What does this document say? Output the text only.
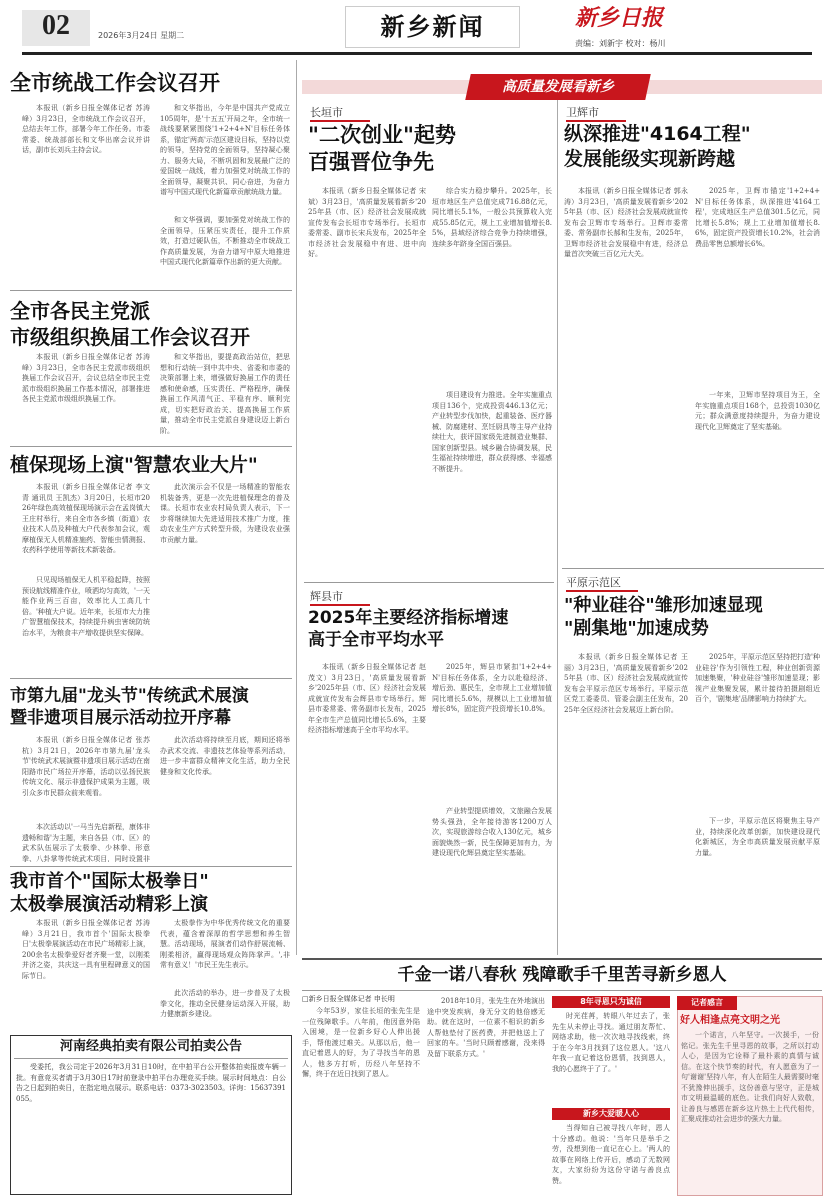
02	2026年3月24日 星期二	新乡新闻	新乡日报
责编：刘新宇 校对：杨川
全市统战工作会议召开
本报讯（新乡日报全媒体记者 苏涛峰）3月23日，全市统战工作会议召开，总结去年工作，部署今年工作任务。市委常委、统战部部长和文华出席会议并讲话，副市长刘兵主持会议。
和文华指出，今年是中国共产党成立105周年，是'十五五'开局之年，全市统一战线要紧紧围绕'1+2+4+N'目标任务体系，锚定'两高'示范区建设目标，坚持以党的领导，坚持党的全面领导，坚持凝心聚力、服务大局，不断巩固和发展最广泛的爱国统一战线，着力加强党对统战工作的全面领导，凝聚共识、同心奋进，为奋力谱写中国式现代化新篇章贡献统战力量。
和文华强调，要加强党对统战工作的全面领导，压紧压实责任，提升工作质效，打造过硬队伍，不断推动全市统战工作高质量发展，为奋力谱写中原大地推进中国式现代化新篇章作出新的更大贡献。
全市各民主党派
市级组织换届工作会议召开
本报讯（新乡日报全媒体记者 苏涛峰）3月23日，全市各民主党派市级组织换届工作会议召开，会议总结全市民主党派市级组织换届工作基本情况，部署推进各民主党派市级组织换届工作。
和文华指出，要提高政治站位，把思想和行动统一到中共中央、省委和市委的决策部署上来，增强做好换届工作的责任感和使命感，压实责任、严格程序，确保换届工作风清气正、平稳有序、顺利完成，切实把好政治关、提高换届工作质量，推动全市民主党派自身建设迈上新台阶。
植保现场上演"智慧农业大片"
本报讯（新乡日报全媒体记者 李文青 通讯员 王凯杰）3月20日，长垣市2026年绿色高效植保现场演示会在孟岗镇大王庄村举行，来自全市各乡镇（街道）农业技术人员及种植大户代表参加会议，观摩植保无人机精准施药、智能虫情测报、农药科学使用等新技术新装备。
只见现场植保无人机平稳起降，按照预设航线精准作业，喷洒均匀高效，'一天能作业两三百亩，效率比人工高几十倍。'种植大户说。近年来，长垣市大力推广智慧植保技术，持续提升病虫害统防统治水平，为粮食丰产增收提供坚实保障。
此次演示会不仅是一场精准的智能农机装备秀，更是一次先进植保理念的普及课。长垣市农业农村局负责人表示，下一步将继续加大先进适用技术推广力度，推动农业生产方式转型升级，为建设农业强市贡献力量。
市第九届"龙头节"传统武术展演
暨非遗项目展示活动拉开序幕
本报讯（新乡日报全媒体记者 张苏杭）3月21日，2026年市第九届'龙头节'传统武术展演暨非遗项目展示活动在南阳路市民广场拉开序幕，活动以弘扬民族传统文化、展示非遗保护成果为主题，吸引众多市民群众前来观看。
本次活动以'一马当先启新程，康体非遗畅和谐'为主题，来自各县（市、区）的武术队伍展示了太极拳、少林拳、形意拳、八卦掌等传统武术项目，同时设置非
此次活动将持续至月底，期间还将举办武术交流、非遗技艺体验等系列活动，进一步丰富群众精神文化生活，助力全民健身和文化传承。
我市首个"国际太极拳日"
太极拳展演活动精彩上演
本报讯（新乡日报全媒体记者 苏涛峰）3月21日，我市首个'国际太极拳日'太极拳展演活动在市民广场精彩上演，200余名太极拳爱好者齐聚一堂，以刚柔并济之姿，共庆这一具有里程碑意义的国际节日。
太极拳作为中华优秀传统文化的重要代表，蕴含着深厚的哲学思想和养生智慧。活动现场，展演者们动作舒展流畅、刚柔相济，赢得现场观众阵阵掌声。',非常有意义！'市民王先生表示。
此次活动的举办，进一步普及了太极拳文化，推动全民健身运动深入开展，助力健康新乡建设。
河南经典拍卖有限公司拍卖公告
受委托，我公司定于2026年3月31日10时，在中拍平台公开整体拍卖报废车辆一批。有意竞买者请于3月30日17时前登录中拍平台办理竞买手续。展示时间地点：自公告之日起到拍卖日，在指定地点展示。联系电话：0373-3023503。详询：15637391055。
高质量发展看新乡
长垣市
"二次创业"起势
百强晋位争先
本报讯（新乡日报全媒体记者 宋斌）3月23日，'高质量发展看新乡'2025年县（市、区）经济社会发展成就宣传发布会长垣市专场举行。长垣市委常委、副市长宋兵发布，2025年全市经济社会发展稳中有进、进中向好。
综合实力稳步攀升。2025年，长垣市地区生产总值完成716.88亿元，同比增长5.1%，一般公共预算收入完成55.85亿元，规上工业增加值增长8.5%，县域经济综合竞争力持续增强，连续多年跻身全国百强县。
项目建设有力推进。全年实施重点项目136个，完成投资446.13亿元；产业转型步伐加快，起重装备、医疗器械、防腐建材、烹饪厨具等主导产业持续壮大，获评国家级先进制造业集群、国家创新型县。城乡融合协调发展，民生福祉持续增进，群众获得感、幸福感不断提升。
辉县市
2025年主要经济指标增速
高于全市平均水平
本报讯（新乡日报全媒体记者 赵茂文）3月23日，'高质量发展看新乡'2025年县（市、区）经济社会发展成就宣传发布会辉县市专场举行。辉县市委常委、常务副市长发布，2025年全市生产总值同比增长5.6%，主要经济指标增速高于全市平均水平。
2025年，辉县市紧扣'1+2+4+N'目标任务体系，全力以赴稳经济、增后劲、惠民生，全市规上工业增加值同比增长5.6%，规模以上工业增加值增长8%，固定资产投资增长10.8%。
产业转型提质增效，文旅融合发展势头强劲，全年接待游客1200万人次，实现旅游综合收入130亿元，城乡面貌焕然一新，民生保障更加有力，为建设现代化辉县奠定坚实基础。
卫辉市
纵深推进"4164工程"
发展能级实现新跨越
本报讯（新乡日报全媒体记者 郭永涛）3月23日，'高质量发展看新乡'2025年县（市、区）经济社会发展成就宣传发布会卫辉市专场举行。卫辉市委常委、常务副市长郝和生发布，2025年，卫辉市经济社会发展稳中有进，经济总量首次突破三百亿元大关。
2025年，卫辉市锚定'1+2+4+N'目标任务体系，纵深推进'4164工程'，完成地区生产总值301.5亿元，同比增长5.8%；规上工业增加值增长8.6%，固定资产投资增长10.2%，社会消费品零售总额增长6%。
一年来，卫辉市坚持项目为王，全年实施重点项目168个，总投资1030亿元；群众满意度持续提升，为奋力建设现代化卫辉奠定了坚实基础。
平原示范区
"种业硅谷"雏形加速显现
"剧集地"加速成势
本报讯（新乡日报全媒体记者 王丽）3月23日，'高质量发展看新乡'2025年县（市、区）经济社会发展成就宣传发布会平原示范区专场举行。平原示范区党工委委员、管委会副主任发布，2025年全区经济社会发展迈上新台阶。
2025年，平原示范区坚持把打造'种业硅谷'作为引领性工程，种业创新资源加速集聚，'种业硅谷'雏形加速显现；影视产业集聚发展，累计接待拍摄剧组近百个，'剧集地'品牌影响力持续扩大。
下一步，平原示范区将聚焦主导产业，持续深化改革创新，加快建设现代化新城区，为全市高质量发展贡献平原力量。
千金一诺八春秋 残障歌手千里苦寻新乡恩人
□新乡日报全媒体记者 申长明
今年53岁，家住长垣的张先生是一位残障歌手。八年前，他因意外陷入困境，是一位新乡好心人伸出援手，帮他渡过难关。从那以后，他一直记着恩人的好，为了寻找当年的恩人，他多方打听，历经八年坚持不懈，终于在近日找到了恩人。
2018年10月，张先生在外地演出途中突发疾病，身无分文的他倍感无助。就在这时，一位素不相识的新乡人帮他垫付了医药费，并把他送上了回家的车。'当时只顾着感谢，没来得及留下联系方式。'
8年寻恩只为诚信
时光荏苒，转眼八年过去了，张先生从未停止寻找。通过朋友帮忙、网络求助，他一次次地寻找线索，终于在今年3月找到了这位恩人。'这八年我一直记着这份恩情，找到恩人，我的心愿终于了了。'
新乡大爱暖人心
当得知自己被寻找八年时，恩人十分感动。他说：'当年只是举手之劳，没想到他一直记在心上。'两人的故事在网络上传开后，感动了无数网友，大家纷纷为这份守诺与善良点赞。
记者感言
好人相逢点亮文明之光
一个诺言，八年坚守。一次援手，一份铭记。张先生千里寻恩的故事，之所以打动人心，是因为它诠释了最朴素的真情与诚信。在这个快节奏的时代，有人愿意为了一句'谢谢'坚持八年，有人在陌生人最需要时毫不犹豫伸出援手，这份善意与坚守，正是城市文明最温暖的底色。让我们向好人致敬，让善良与感恩在新乡这片热土上代代相传，汇聚成推动社会进步的强大力量。
